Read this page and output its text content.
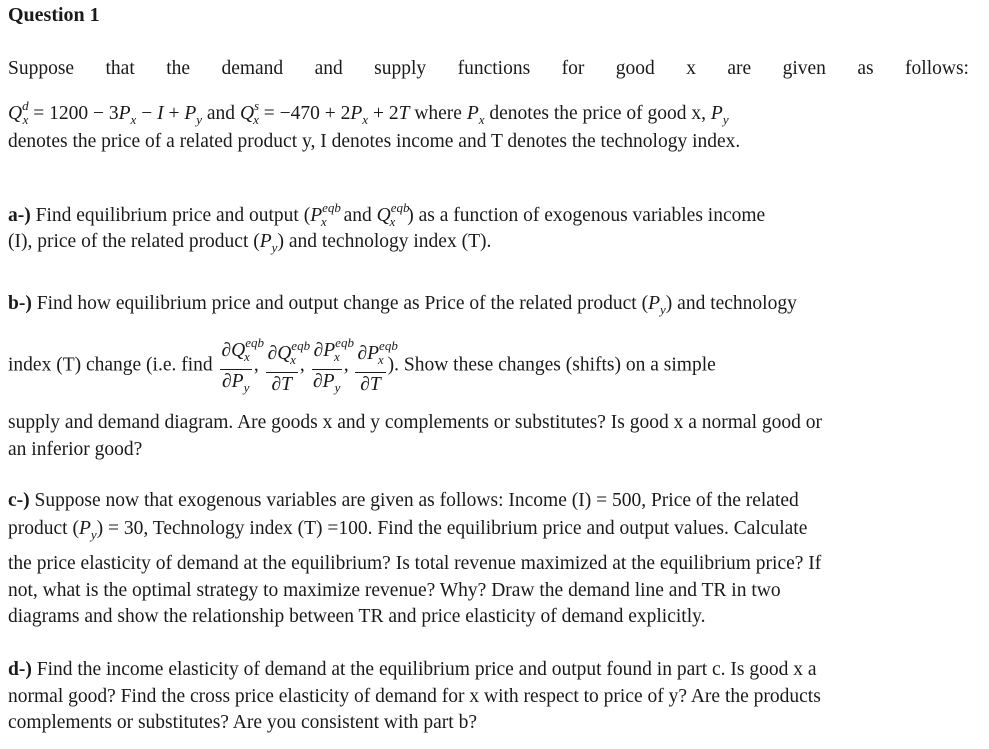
Question 1
Suppose that the demand and supply functions for good x are given as follows:
$Q^d_x = 1200 - 3P_x - I + P_y$ and $Q^s_x = -470 + 2P_x + 2T$ where $P_x$ denotes the price of good x, $P_y$
denotes the price of a related product y, I denotes income and T denotes the technology index.
a-) Find equilibrium price and output ($P^{eqb}_x$ and $Q^{eqb}_x$ ) as a function of exogenous variables income
(I), price of the related product $(P_y)$ and technology index (T).
b-) Find how equilibrium price and output change as Price of the related product $(P_y)$ and technology
index (T) change (i.e. find $\frac{\partial Q^{eqb}_x}{\partial P_y}$ , $\frac{\partial Q^{eqb}_x}{\partial T}$ , $\frac{\partial P^{eqb}_x}{\partial P_y}$ , $\frac{\partial P^{eqb}_x}{\partial T}$ ). Show these changes (shifts) on a simple
supply and demand diagram. Are goods x and y complements or substitutes? Is good x a normal good or
an inferior good?
c-) Suppose now that exogenous variables are given as follows: Income (I) = 500, Price of the related
product $(P_y) = 30$, Technology index (T) =100. Find the equilibrium price and output values. Calculate
the price elasticity of demand at the equilibrium? Is total revenue maximized at the equilibrium price? If
not, what is the optimal strategy to maximize revenue? Why? Draw the demand line and TR in two
diagrams and show the relationship between TR and price elasticity of demand explicitly.
d-) Find the income elasticity of demand at the equilibrium price and output found in part c. Is good x a
normal good? Find the cross price elasticity of demand for x with respect to price of y? Are the products
complements or substitutes? Are you consistent with part b?
